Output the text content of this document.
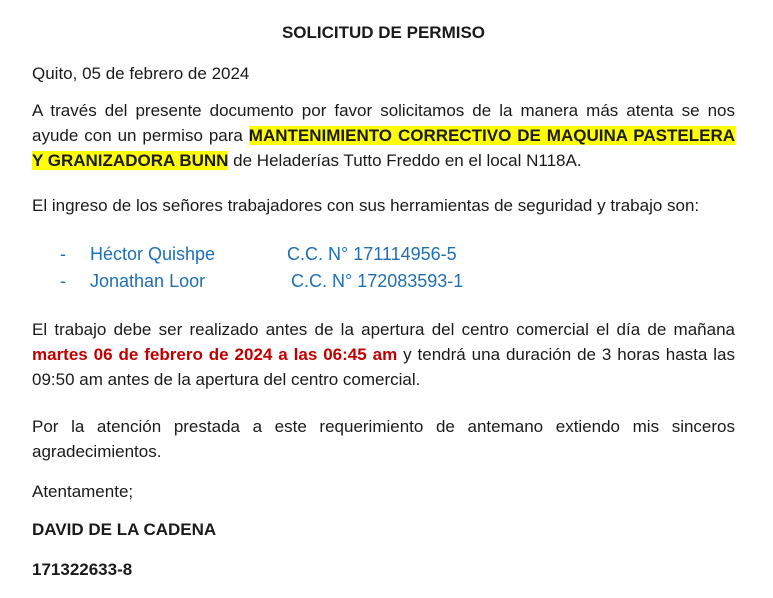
SOLICITUD DE PERMISO
Quito, 05 de febrero de 2024
A través del presente documento por favor solicitamos de la manera más atenta se nos ayude con un permiso para MANTENIMIENTO CORRECTIVO DE MAQUINA PASTELERA Y GRANIZADORA BUNN de Heladerías Tutto Freddo en el local N118A.
El ingreso de los señores trabajadores con sus herramientas de seguridad y trabajo son:
- Héctor Quishpe	C.C. N° 171114956-5
- Jonathan Loor	C.C. N° 172083593-1
El trabajo debe ser realizado antes de la apertura del centro comercial el día de mañana martes 06 de febrero de 2024 a las 06:45 am y tendrá una duración de 3 horas hasta las 09:50 am antes de la apertura del centro comercial.
Por la atención prestada a este requerimiento de antemano extiendo mis sinceros agradecimientos.
Atentamente;
DAVID DE LA CADENA
171322633-8
